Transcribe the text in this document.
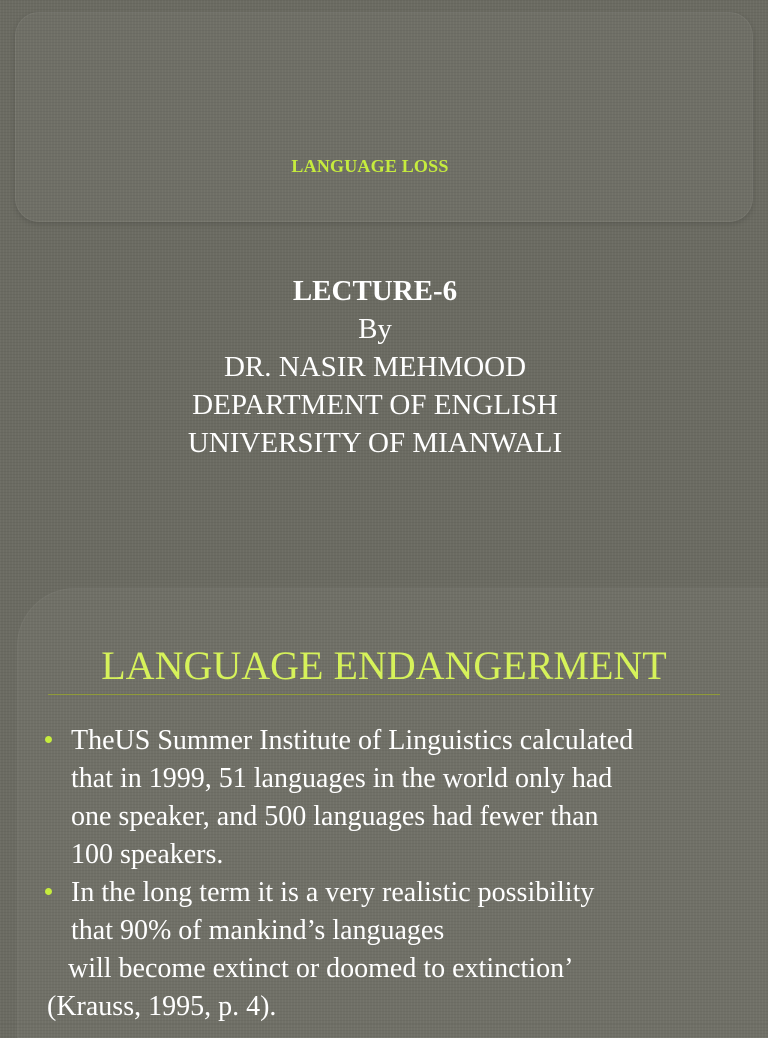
LANGUAGE LOSS
LECTURE-6
By
DR. NASIR MEHMOOD
DEPARTMENT OF ENGLISH
UNIVERSITY OF MIANWALI
LANGUAGE ENDANGERMENT
TheUS Summer Institute of Linguistics calculated
that in 1999, 51 languages in the world only had
one speaker, and 500 languages had fewer than
100 speakers.
In the long term it is a very realistic possibility
that 90% of mankind’s languages
will become extinct or doomed to extinction’
(Krauss, 1995, p. 4).
